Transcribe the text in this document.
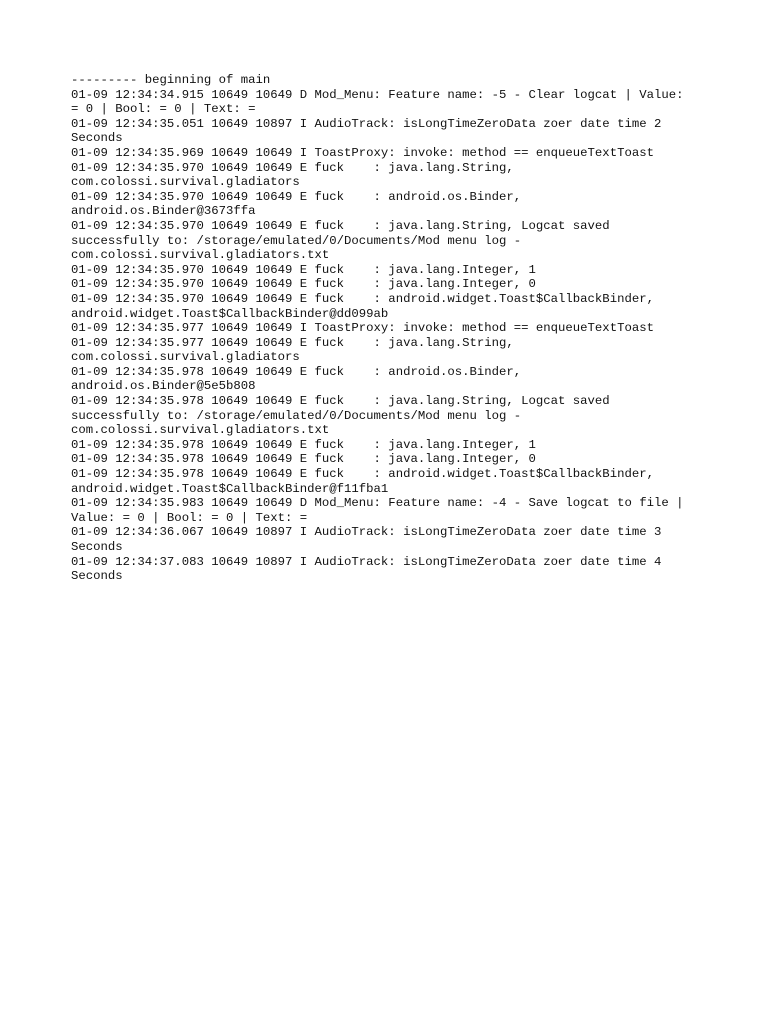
--------- beginning of main
01-09 12:34:34.915 10649 10649 D Mod_Menu: Feature name: -5 - Clear logcat | Value:
= 0 | Bool: = 0 | Text: =
01-09 12:34:35.051 10649 10897 I AudioTrack: isLongTimeZeroData zoer date time 2
Seconds
01-09 12:34:35.969 10649 10649 I ToastProxy: invoke: method == enqueueTextToast
01-09 12:34:35.970 10649 10649 E fuck    : java.lang.String,
com.colossi.survival.gladiators
01-09 12:34:35.970 10649 10649 E fuck    : android.os.Binder,
android.os.Binder@3673ffa
01-09 12:34:35.970 10649 10649 E fuck    : java.lang.String, Logcat saved
successfully to: /storage/emulated/0/Documents/Mod menu log -
com.colossi.survival.gladiators.txt
01-09 12:34:35.970 10649 10649 E fuck    : java.lang.Integer, 1
01-09 12:34:35.970 10649 10649 E fuck    : java.lang.Integer, 0
01-09 12:34:35.970 10649 10649 E fuck    : android.widget.Toast$CallbackBinder,
android.widget.Toast$CallbackBinder@dd099ab
01-09 12:34:35.977 10649 10649 I ToastProxy: invoke: method == enqueueTextToast
01-09 12:34:35.977 10649 10649 E fuck    : java.lang.String,
com.colossi.survival.gladiators
01-09 12:34:35.978 10649 10649 E fuck    : android.os.Binder,
android.os.Binder@5e5b808
01-09 12:34:35.978 10649 10649 E fuck    : java.lang.String, Logcat saved
successfully to: /storage/emulated/0/Documents/Mod menu log -
com.colossi.survival.gladiators.txt
01-09 12:34:35.978 10649 10649 E fuck    : java.lang.Integer, 1
01-09 12:34:35.978 10649 10649 E fuck    : java.lang.Integer, 0
01-09 12:34:35.978 10649 10649 E fuck    : android.widget.Toast$CallbackBinder,
android.widget.Toast$CallbackBinder@f11fba1
01-09 12:34:35.983 10649 10649 D Mod_Menu: Feature name: -4 - Save logcat to file |
Value: = 0 | Bool: = 0 | Text: =
01-09 12:34:36.067 10649 10897 I AudioTrack: isLongTimeZeroData zoer date time 3
Seconds
01-09 12:34:37.083 10649 10897 I AudioTrack: isLongTimeZeroData zoer date time 4
Seconds
